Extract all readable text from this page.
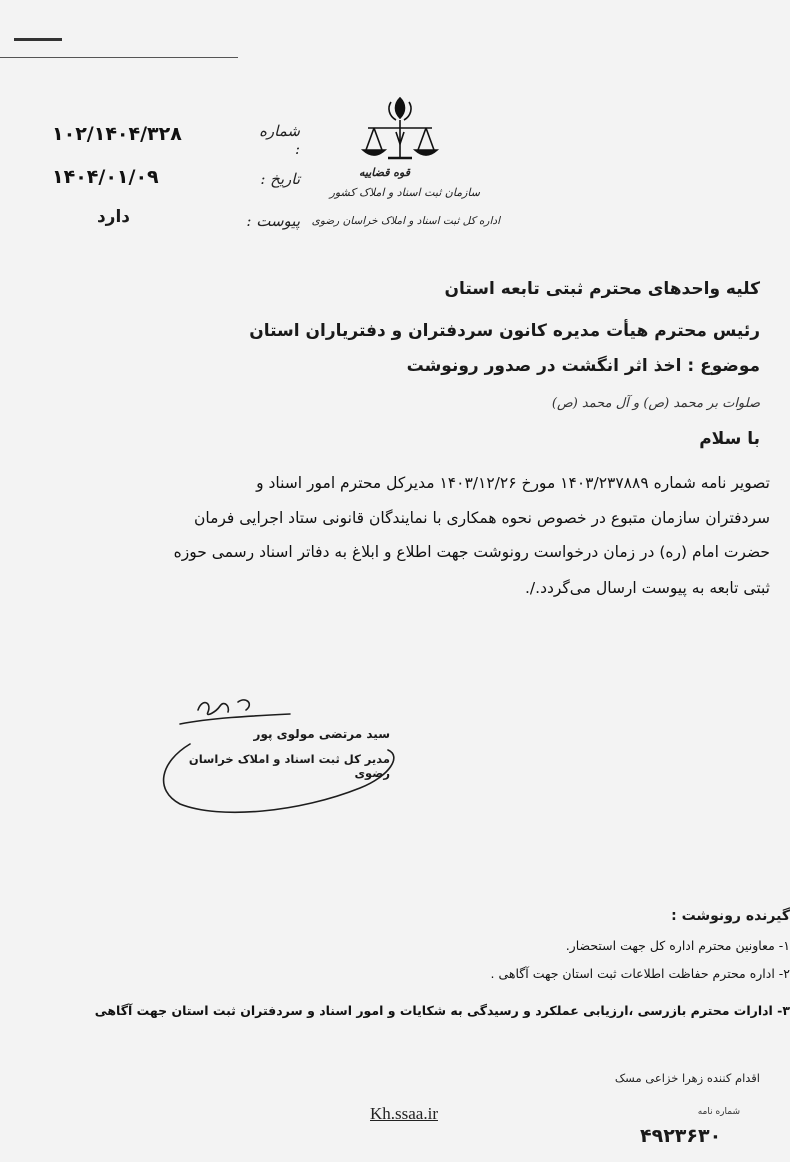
قوه قضاییه
سازمان ثبت اسناد و املاک کشور
اداره کل ثبت اسناد و املاک خراسان رضوی
شماره :
۱۰۲/۱۴۰۴/۳۲۸
تاریخ :
۱۴۰۴/۰۱/۰۹
پیوست :
دارد
کلیه واحدهای محترم ثبتی تابعه استان
رئیس محترم هیأت مدیره کانون سردفتران و دفتریاران استان
موضوع : اخذ اثر انگشت در صدور رونوشت
صلوات بر محمد (ص) و آل محمد (ص)
با سلام
تصویر نامه شماره ۱۴۰۳/۲۳۷۸۸۹ مورخ ۱۴۰۳/۱۲/۲۶ مدیرکل محترم امور اسناد و
سردفتران سازمان متبوع در خصوص نحوه همکاری با نمایندگان قانونی ستاد اجرایی فرمان
حضرت امام (ره) در زمان درخواست رونوشت جهت اطلاع و ابلاغ به دفاتر اسناد رسمی حوزه
ثبتی تابعه به پیوست ارسال می‌گردد./.
سید مرتضی مولوی پور
مدیر کل ثبت اسناد و املاک خراسان رضوی
گیرنده رونوشت :
۱- معاونین محترم اداره کل جهت استحضار.
۲- اداره محترم حفاظت اطلاعات ثبت استان جهت آگاهی .
۳- ادارات محترم بازرسی ،ارزیابی عملکرد و رسیدگی به شکایات و امور اسناد و سردفتران ثبت استان جهت آگاهی
اقدام کننده زهرا خزاعی مسک
Kh.ssaa.ir	شماره نامه
۴۹۲۳۶۳۰
